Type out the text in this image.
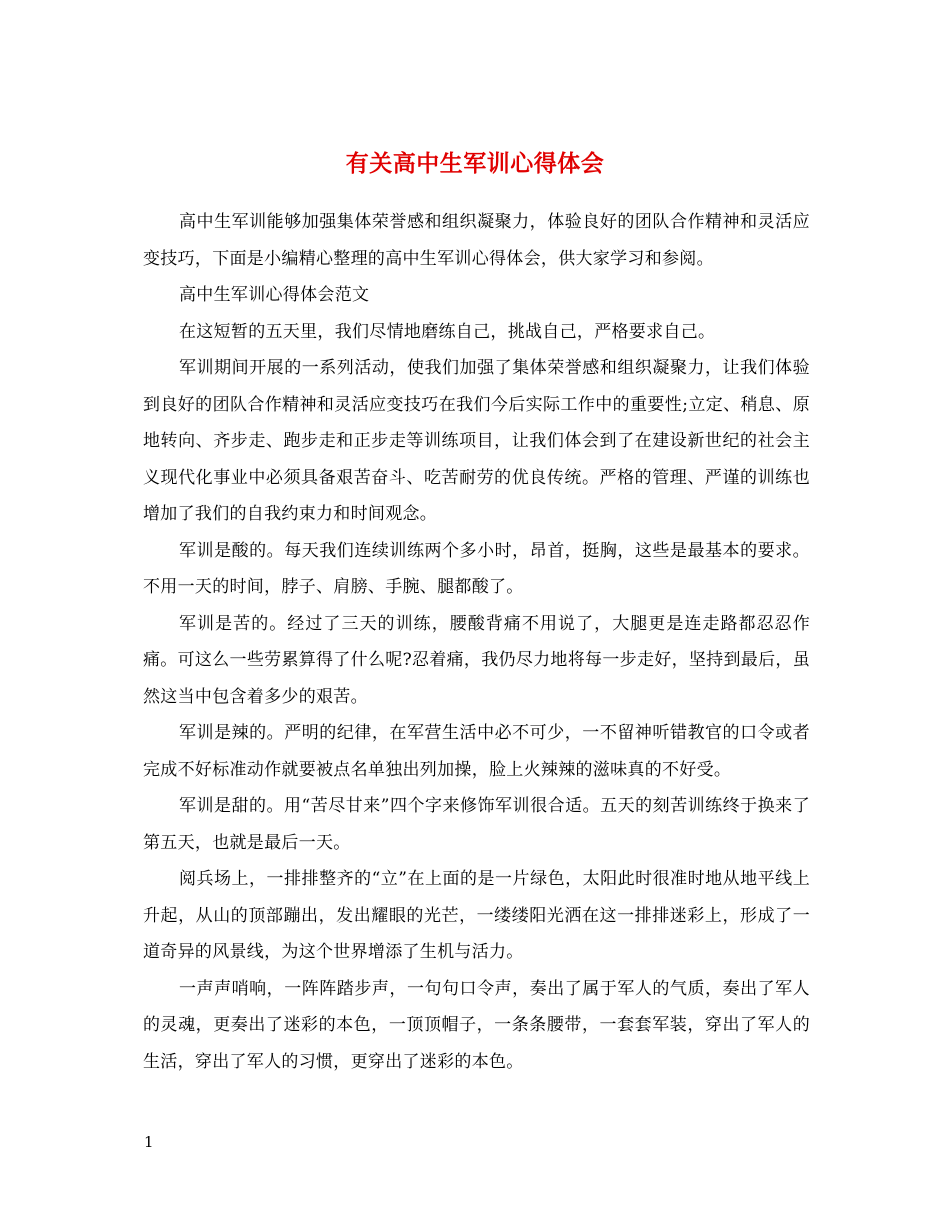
有关高中生军训心得体会

高中生军训能够加强集体荣誉感和组织凝聚力，体验良好的团队合作精神和灵活应变技巧，下面是小编精心整理的高中生军训心得体会，供大家学习和参阅。

高中生军训心得体会范文

在这短暂的五天里，我们尽情地磨练自己，挑战自己，严格要求自己。

军训期间开展的一系列活动，使我们加强了集体荣誉感和组织凝聚力，让我们体验到良好的团队合作精神和灵活应变技巧在我们今后实际工作中的重要性;立定、稍息、原地转向、齐步走、跑步走和正步走等训练项目，让我们体会到了在建设新世纪的社会主义现代化事业中必须具备艰苦奋斗、吃苦耐劳的优良传统。严格的管理、严谨的训练也增加了我们的自我约束力和时间观念。

军训是酸的。每天我们连续训练两个多小时，昂首，挺胸，这些是最基本的要求。不用一天的时间，脖子、肩膀、手腕、腿都酸了。

军训是苦的。经过了三天的训练，腰酸背痛不用说了，大腿更是连走路都忍忍作痛。可这么一些劳累算得了什么呢?忍着痛，我仍尽力地将每一步走好，坚持到最后，虽然这当中包含着多少的艰苦。

军训是辣的。严明的纪律，在军营生活中必不可少，一不留神听错教官的口令或者完成不好标准动作就要被点名单独出列加操，脸上火辣辣的滋味真的不好受。

军训是甜的。用“苦尽甘来”四个字来修饰军训很合适。五天的刻苦训练终于换来了第五天，也就是最后一天。

阅兵场上，一排排整齐的“立”在上面的是一片绿色，太阳此时很准时地从地平线上升起，从山的顶部蹦出，发出耀眼的光芒，一缕缕阳光洒在这一排排迷彩上，形成了一道奇异的风景线，为这个世界增添了生机与活力。

一声声哨响，一阵阵踏步声，一句句口令声，奏出了属于军人的气质，奏出了军人的灵魂，更奏出了迷彩的本色，一顶顶帽子，一条条腰带，一套套军装，穿出了军人的生活，穿出了军人的习惯，更穿出了迷彩的本色。

1
